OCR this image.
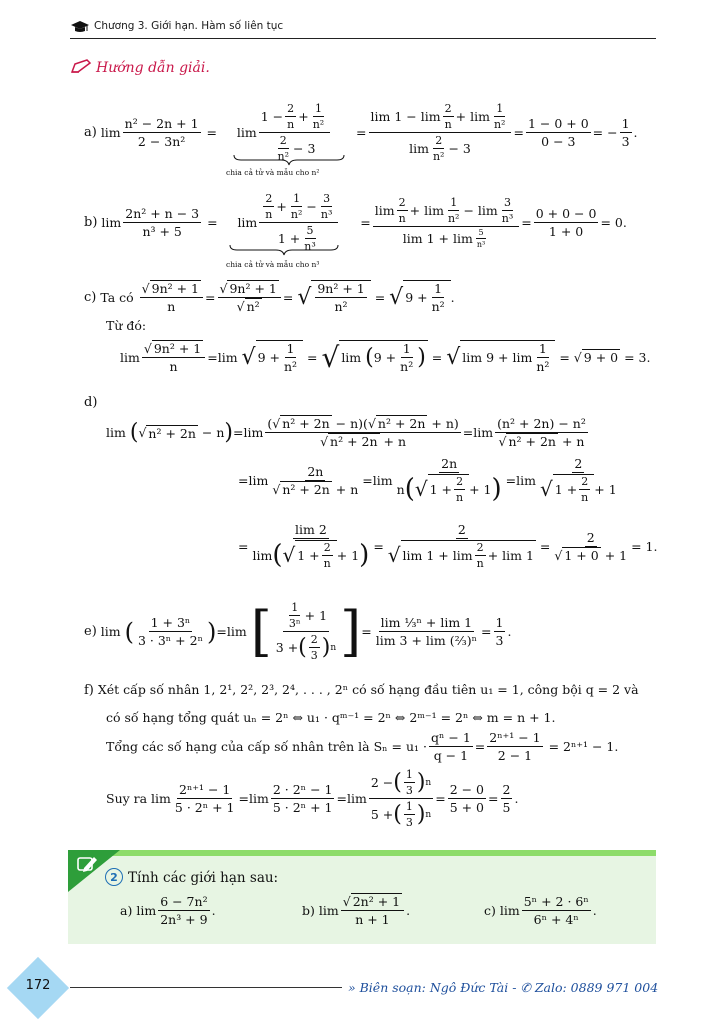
Chương 3. Giới hạn. Hàm số liên tục
Hướng dẫn giải.
a)
$\lim \frac{\text{n² − 2n + 1}}{\text{2 − 3n²}} = \lim \frac{1 - \frac{2}{n} + \frac{1}{\text{n²}}}{\frac{2}{\text{n²}} - 3} = \frac{\lim 1 - \lim \frac{2}{n} + \lim \frac{1}{\text{n²}}}{\lim \frac{2}{\text{n²}} - 3} = \frac{1 - 0 + 0}{0 - 3}$ = − $\frac{1}{3}$ .
chia cả tử và mẫu cho n²
b)
$\lim \frac{\text{2n² + n − 3}}{\text{n³ + 5}} = \lim \frac{\frac{2}{n} + \frac{1}{\text{n²}} - \frac{3}{\text{n³}}}{1 + \frac{5}{\text{n³}}} = \frac{\lim \frac{2}{n} + \lim \frac{1}{\text{n²}} - \lim \frac{3}{\text{n³}}}{\lim 1 + \lim \frac{5}{\text{n³}}} = \frac{0 + 0 - 0}{1 + 0} = 0$.
chia cả tử và mẫu cho n³
c)
Ta có
$\frac{\text{√ 9n² + 1}}{n} = \frac{\text{√ 9n² + 1}}{\text{√ n²}}$ = √ $\frac{\text{9n² + 1}}{\text{n²}}$ = √ $9 + \frac{1}{\text{n²}}$ .
Từ đó:
$\lim \frac{\text{√ 9n² + 1}}{n} = \lim$
√ $9 + \frac{1}{\text{n²}}$ = √ lim
( $9 + \frac{1}{\text{n²}}$ ) = √ $\lim 9 + \lim \frac{1}{\text{n²}}$ = √ 9 + 0
= 3.
d)
lim
( √ n² + 2n
− n ) = $\lim \frac{\text{(√ n² + 2n − n)(√ n² + 2n + n)}}{\text{√ n² + 2n + n}} = \lim \frac{\text{(n² + 2n) − n²}}{\text{√ n² + 2n + n}}$
= $\lim \frac{2n}{\text{√ n² + 2n + n}} = \lim \frac{2n}{n ( √ 1 + \frac{2}{n} + 1 )} = \lim \frac{2}{√ 1 + \frac{2}{n} + 1}$
= $\frac{\lim 2}{\lim ( √ 1 + \frac{2}{n} + 1 )} = \frac{2}{√ \lim 1 + \lim \frac{2}{n} + \lim 1} = \frac{2}{√ 1 + 0 + 1} = 1$.
e)
lim
( $\frac{\text{1 + 3ⁿ}}{\text{3 · 3ⁿ + 2ⁿ}}$ ) = lim
[ $\frac{\frac{1}{\text{3ⁿ}} + 1}{3 + ( \frac{2}{3} ) n}$ ] = $\frac{\text{lim ⅓ⁿ + lim 1}}{\text{lim 3 + lim (⅔)ⁿ}} = \frac{1}{3}$ .
f) Xét cấp số nhân 1, 2¹, 2², 2³, 2⁴, . . . , 2ⁿ có số hạng đầu tiên u₁ = 1, công bội q = 2 và
có số hạng tổng quát uₙ = 2ⁿ ⇔ u₁ · qᵐ⁻¹ = 2ⁿ ⇔ 2ᵐ⁻¹ = 2ⁿ ⇔ m = n + 1.
Tổng các số hạng của cấp số nhân trên là $S_n = u_1 \cdot \frac{\text{qⁿ − 1}}{q - 1} = \frac{\text{2ⁿ⁺¹ − 1}}{2 - 1}$
= 2ⁿ⁺¹ − 1.
Suy ra $\lim \frac{\text{2ⁿ⁺¹ − 1}}{\text{5 · 2ⁿ + 1}} = \lim \frac{\text{2 · 2ⁿ − 1}}{\text{5 · 2ⁿ + 1}} = \lim \frac{2 - ( \frac{1}{3} ) n}{5 + ( \frac{1}{3} ) n} = \frac{2 - 0}{5 + 0} = \frac{2}{5}$ .
2 Tính các giới hạn sau:
a)
$\lim \frac{\text{6 − 7n²}}{\text{2n³ + 9}}$ .	b)
$\lim \frac{\text{√ 2n² + 1}}{n + 1}$ .	c)
$\lim \frac{\text{5ⁿ + 2 · 6ⁿ}}{\text{6ⁿ + 4ⁿ}}$ .
172	» Biên soạn: Ngô Đức Tài - ✆ Zalo: 0889 971 004
